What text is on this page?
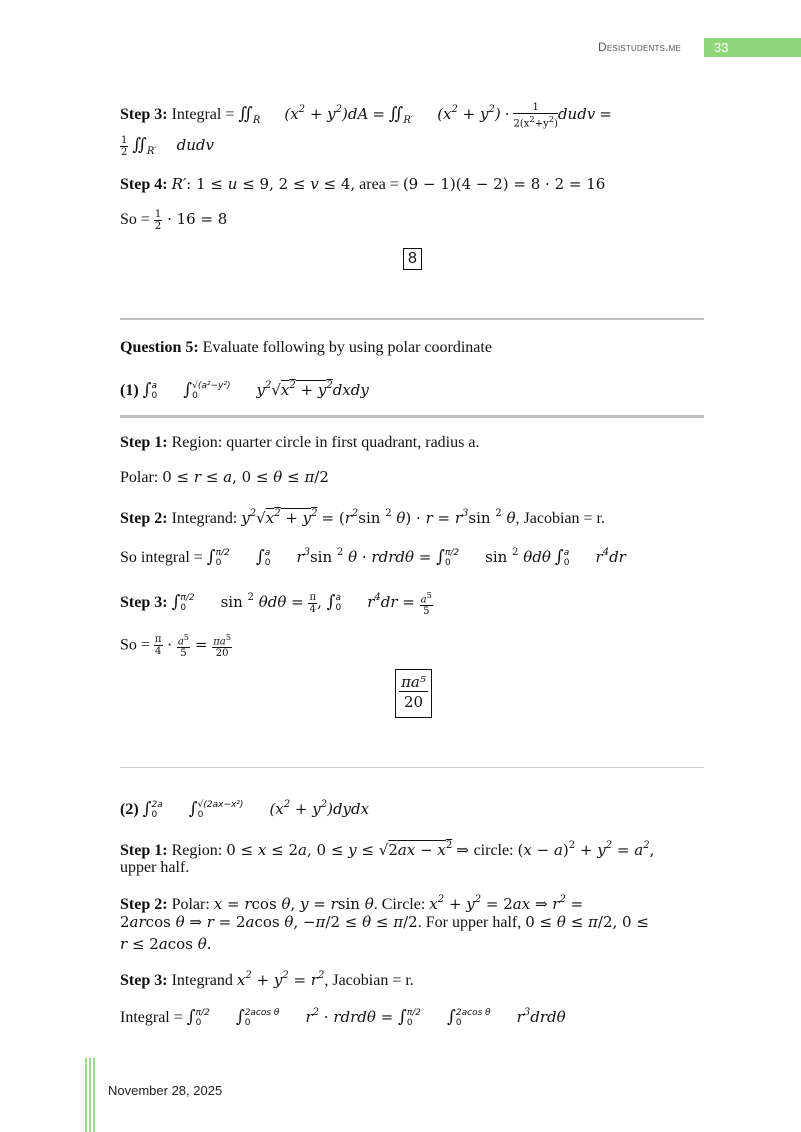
Desistudents.me	33
Step 3: Integral = $∬_R$ $(x^2 + y^2)dA$ = $∬_{R'}$ $(x^2 + y^2) \cdot \frac{1}{2(x^2+y^2)}$ dudv =
$\frac{1}{2}$ $∬_{R'}$ dudv
Step 4: R′: 1 ≤ u ≤ 9, 2 ≤ v ≤ 4, area = (9 − 1)(4 − 2) = 8 · 2 = 16
$So = \frac{1}{2} \cdot 16 = 8$
8
Question 5: Evaluate following by using polar coordinate
(1) ∫ a
0 ∫ √(a²−y²)
0	$y^2√x^2$ + $y^2dxdy$
Step 1: Region: quarter circle in first quadrant, radius a.
Polar: 0 ≤ r ≤ a, 0 ≤ θ ≤ π/2
Step 2: Integrand: $y^2√x^2 + y^2 = (r^2\sin$ $^2$ $\theta) \cdot r = r^3\sin$ $^2$ θ, Jacobian = r.
So integral = ∫ π/2
0	∫ a
0 $r^3\sin$ $^2$ θ · rdrdθ = ∫ π/2
0	sin $^2$ θdθ ∫ a
0 $r^4dr$
Step 3: ∫ π/2
0	sin $^2$ $\theta d\theta = \frac{\pi}{4}$ , ∫ a
0 $r^4dr = \frac{a^5}{5}$
$So = \frac{\pi}{4} \cdot \frac{a^5}{5} = \frac{\pi a^5}{20}$
πa⁵
20
(2) ∫ 2a
0	∫ √(2ax−x²)
0	($x^2$ + $y^2)dydx$
Step 1: Region: 0 ≤ x ≤ 2a, $0 \le y \le √2ax - x^2$ ⇒ circle: $(x - a)^2 + y^2 = a^2$,
upper half.
Step 2: Polar: x = rcos θ, y = rsin θ. Circle: $x^2 + y^2 = 2ax$ ⇒ $r^2$ =
2arcos θ ⇒ r = 2acos θ, −π/2 ≤ θ ≤ π/2. For upper half, 0 ≤ θ ≤ π/2, 0 ≤
r ≤ 2acos θ.
Step 3: Integrand $x^2 + y^2 = r^2$, Jacobian = r.
Integral = ∫ π/2
0	∫ 2acos θ
0	$r^2$ · rdrdθ = ∫ π/2
0	∫ 2acos θ
0	$r^3drd\theta$
November 28, 2025
